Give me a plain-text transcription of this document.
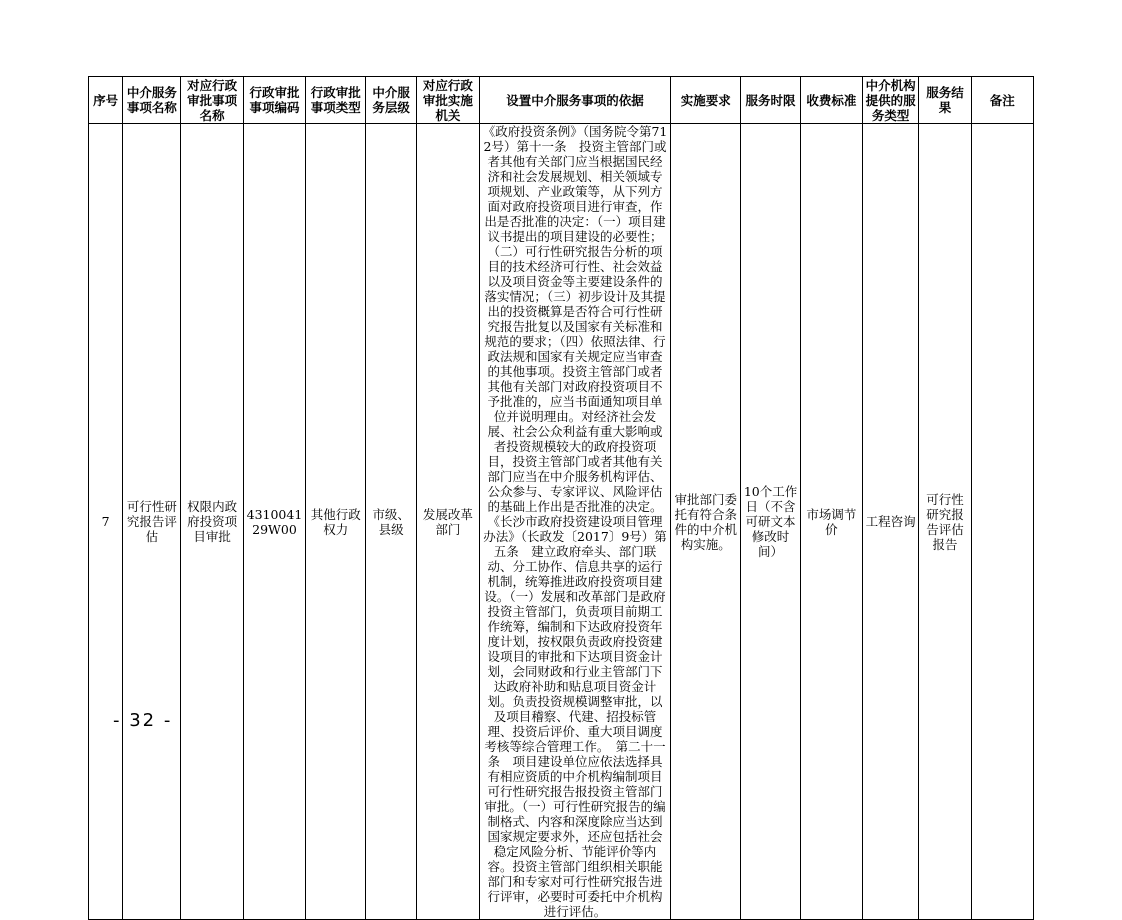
序号	中介服务事项名称	对应行政审批事项名称	行政审批事项编码	行政审批事项类型	中介服务层级	对应行政审批实施机关	设置中介服务事项的依据	实施要求	服务时限	收费标准	中介机构提供的服务类型	服务结果	备注
7	可行性研究报告评估	权限内政府投资项目审批	431004129W00	其他行政权力	市级、县级	发展改革部门	《政府投资条例》（国务院令第712号）第十一条　投资主管部门或者其他有关部门应当根据国民经济和社会发展规划、相关领域专项规划、产业政策等，从下列方面对政府投资项目进行审查，作出是否批准的决定：（一）项目建议书提出的项目建设的必要性；（二）可行性研究报告分析的项目的技术经济可行性、社会效益以及项目资金等主要建设条件的落实情况；（三）初步设计及其提出的投资概算是否符合可行性研究报告批复以及国家有关标准和规范的要求；（四）依照法律、行政法规和国家有关规定应当审查的其他事项。投资主管部门或者其他有关部门对政府投资项目不予批准的，应当书面通知项目单位并说明理由。对经济社会发展、社会公众利益有重大影响或者投资规模较大的政府投资项目，投资主管部门或者其他有关部门应当在中介服务机构评估、公众参与、专家评议、风险评估的基础上作出是否批准的决定。《长沙市政府投资建设项目管理办法》（长政发〔2017〕9号）第五条　建立政府牵头、部门联动、分工协作、信息共享的运行机制，统筹推进政府投资项目建设。（一）发展和改革部门是政府投资主管部门，负责项目前期工作统筹，编制和下达政府投资年度计划，按权限负责政府投资建设项目的审批和下达项目资金计划，会同财政和行业主管部门下达政府补助和贴息项目资金计划。负责投资规模调整审批，以及项目稽察、代建、招投标管理、投资后评价、重大项目调度考核等综合管理工作。　第二十一条　项目建设单位应依法选择具有相应资质的中介机构编制项目可行性研究报告报投资主管部门审批。（一）可行性研究报告的编制格式、内容和深度除应当达到国家规定要求外，还应包括社会稳定风险分析、节能评价等内容。投资主管部门组织相关职能部门和专家对可行性研究报告进行评审，必要时可委托中介机构进行评估。	审批部门委托有符合条件的中介机构实施。	10个工作日（不含可研文本修改时间）	市场调节价	工程咨询	可行性研究报告评估报告	
- 32 -
